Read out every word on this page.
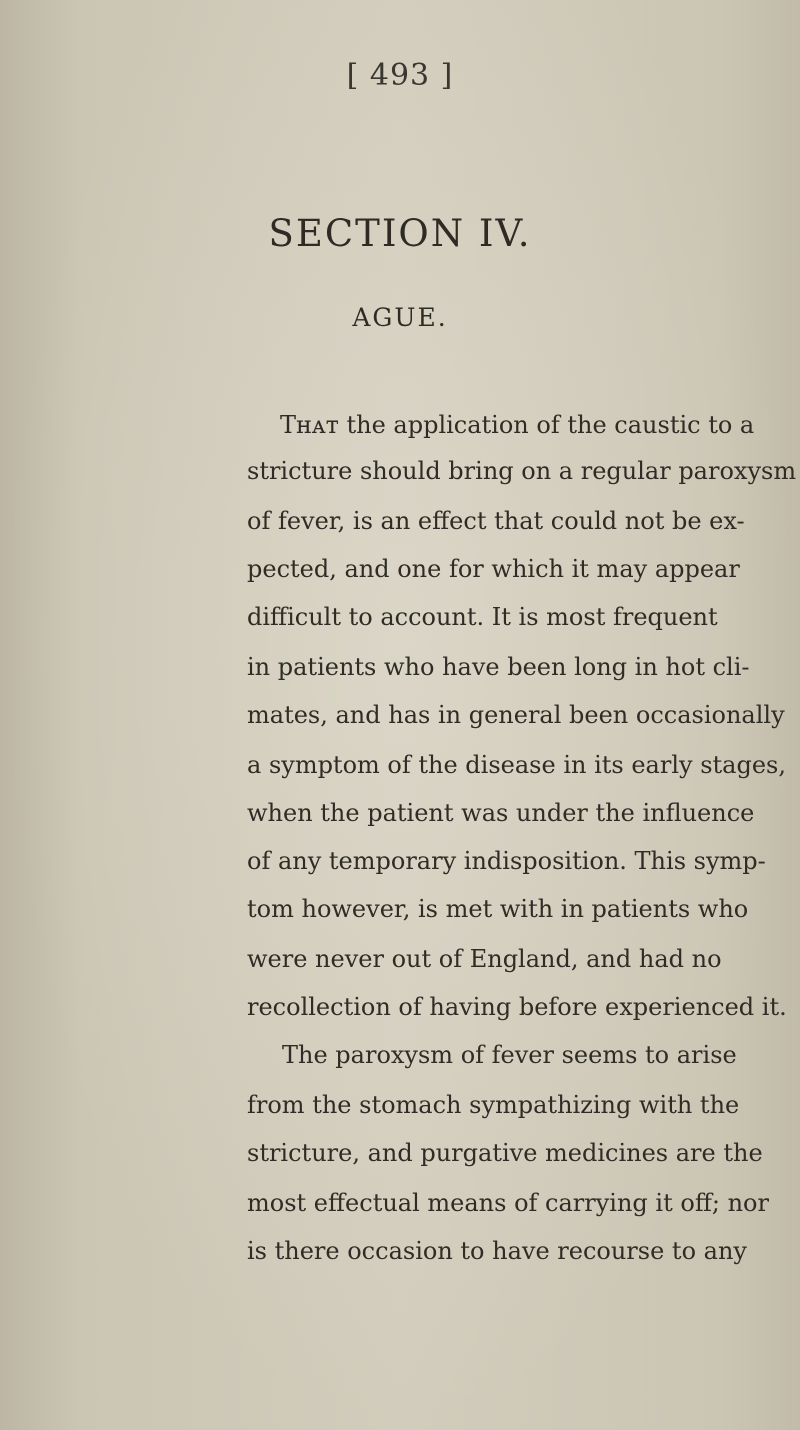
[ 493 ]
SECTION IV.
AGUE.
Tʜᴀᴛ the application of the caustic to a
stricture should bring on a regular paroxysm
of fever, is an effect that could not be ex-
pected, and one for which it may appear
difficult to account. It is most frequent
in patients who have been long in hot cli-
mates, and has in general been occasionally
a symptom of the disease in its early stages,
when the patient was under the influence
of any temporary indisposition. This symp-
tom however, is met with in patients who
were never out of England, and had no
recollection of having before experienced it.
The paroxysm of fever seems to arise
from the stomach sympathizing with the
stricture, and purgative medicines are the
most effectual means of carrying it off; nor
is there occasion to have recourse to any
